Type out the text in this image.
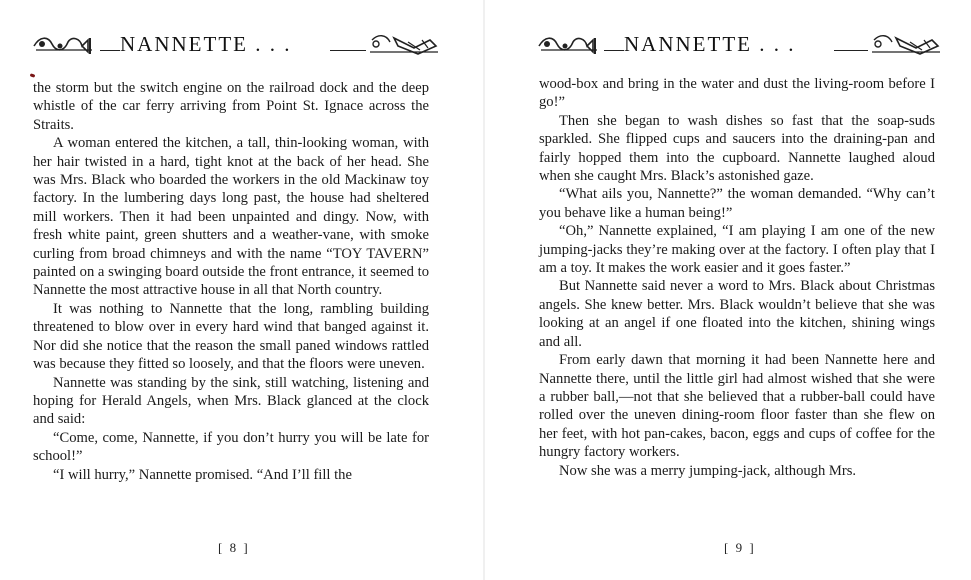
NANNETTE . . .

the storm but the switch engine on the railroad dock and the deep whistle of the car ferry arriving from Point St. Ignace across the Straits.

A woman entered the kitchen, a tall, thin-looking woman, with her hair twisted in a hard, tight knot at the back of her head. She was Mrs. Black who boarded the workers in the old Mackinaw toy factory. In the lumbering days long past, the house had sheltered mill workers. Then it had been unpainted and dingy. Now, with fresh white paint, green shutters and a weather-vane, with smoke curling from broad chimneys and with the name “TOY TAVERN” painted on a swinging board outside the front entrance, it seemed to Nannette the most attractive house in all that North country.

It was nothing to Nannette that the long, rambling building threatened to blow over in every hard wind that banged against it. Nor did she notice that the reason the small paned windows rattled was because they fitted so loosely, and that the floors were uneven.

Nannette was standing by the sink, still watching, listening and hoping for Herald Angels, when Mrs. Black glanced at the clock and said:

“Come, come, Nannette, if you don’t hurry you will be late for school!”

“I will hurry,” Nannette promised. “And I’ll fill the

[ 8 ]
NANNETTE . . .

wood-box and bring in the water and dust the living-room before I go!”

Then she began to wash dishes so fast that the soap-suds sparkled. She flipped cups and saucers into the draining-pan and fairly hopped them into the cupboard. Nannette laughed aloud when she caught Mrs. Black’s astonished gaze.

“What ails you, Nannette?” the woman demanded. “Why can’t you behave like a human being!”

“Oh,” Nannette explained, “I am playing I am one of the new jumping-jacks they’re making over at the factory. I often play that I am a toy. It makes the work easier and it goes faster.”

But Nannette said never a word to Mrs. Black about Christmas angels. She knew better. Mrs. Black wouldn’t believe that she was looking at an angel if one floated into the kitchen, shining wings and all.

From early dawn that morning it had been Nannette here and Nannette there, until the little girl had almost wished that she were a rubber ball,—not that she believed that a rubber-ball could have rolled over the uneven dining-room floor faster than she flew on her feet, with hot pan-cakes, bacon, eggs and cups of coffee for the hungry factory workers.

Now she was a merry jumping-jack, although Mrs.

[ 9 ]
